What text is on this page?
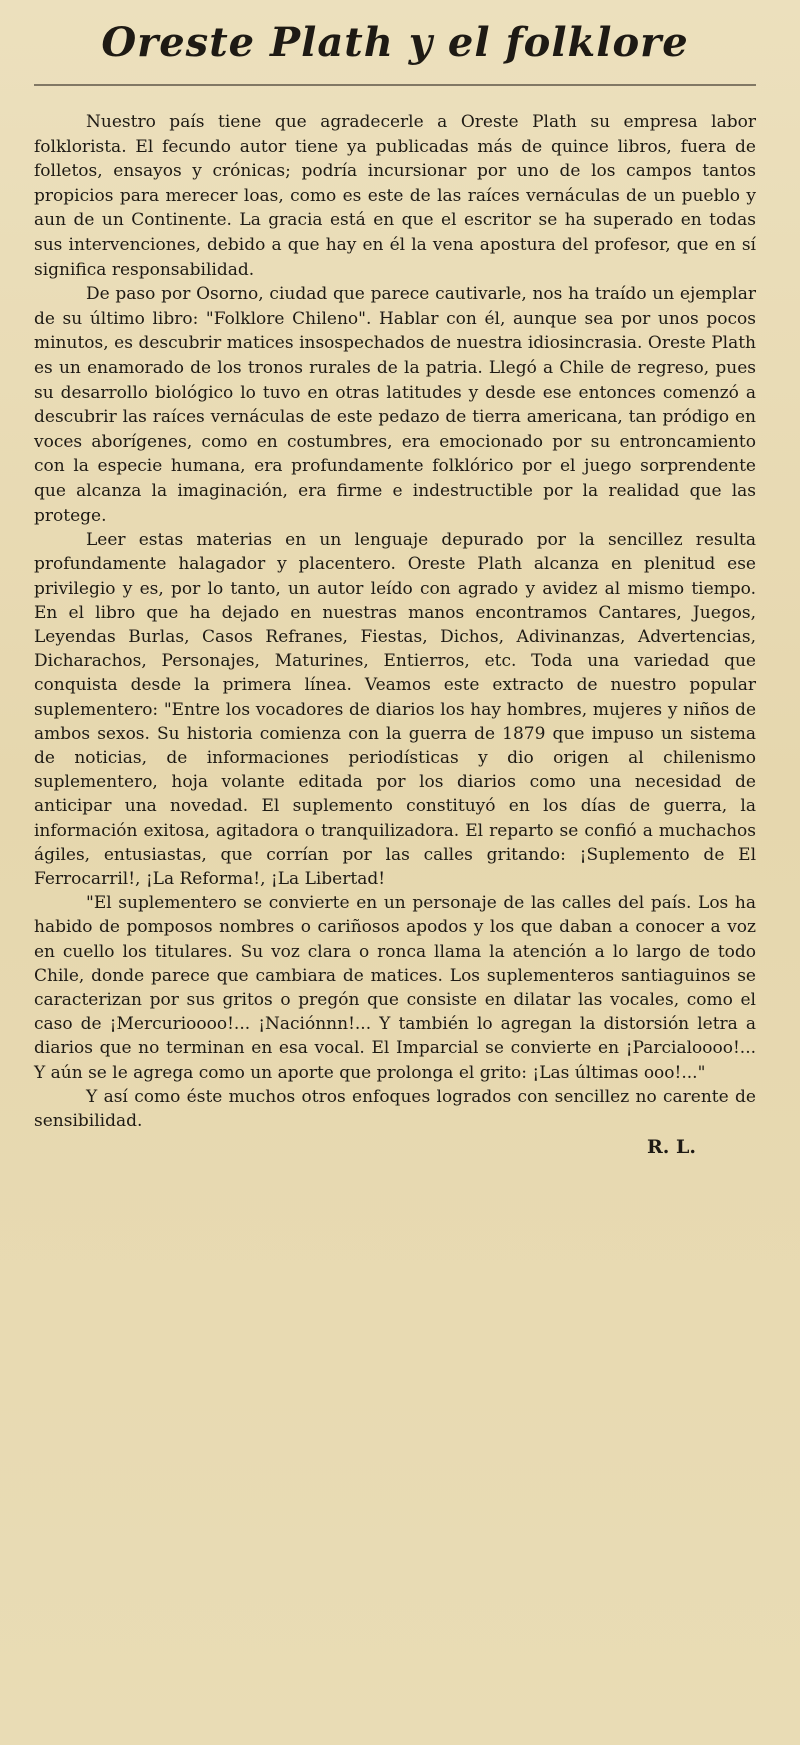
Oreste Plath y el folklore

Nuestro país tiene que agradecerle a Oreste Plath su empresa labor folklorista. El fecundo autor tiene ya publicadas más de quince libros, fuera de folletos, ensayos y crónicas; podría incursionar por uno de los campos tantos propicios para merecer loas, como es este de las raíces vernáculas de un pueblo y aun de un Continente. La gracia está en que el escritor se ha superado en todas sus intervenciones, debido a que hay en él la vena apostura del profesor, que en sí significa responsabilidad.

De paso por Osorno, ciudad que parece cautivarle, nos ha traído un ejemplar de su último libro: "Folklore Chileno". Hablar con él, aunque sea por unos pocos minutos, es descubrir matices insospechados de nuestra idiosincrasia. Oreste Plath es un enamorado de los tronos rurales de la patria. Llegó a Chile de regreso, pues su desarrollo biológico lo tuvo en otras latitudes y desde ese entonces comenzó a descubrir las raíces vernáculas de este pedazo de tierra americana, tan pródigo en voces aborígenes, como en costumbres, era emocionado por su entroncamiento con la especie humana, era profundamente folklórico por el juego sorprendente que alcanza la imaginación, era firme e indestructible por la realidad que las protege.

Leer estas materias en un lenguaje depurado por la sencillez resulta profundamente halagador y placentero. Oreste Plath alcanza en plenitud ese privilegio y es, por lo tanto, un autor leído con agrado y avidez al mismo tiempo. En el libro que ha dejado en nuestras manos encontramos Cantares, Juegos, Leyendas Burlas, Casos Refranes, Fiestas, Dichos, Adivinanzas, Advertencias, Dicharachos, Personajes, Maturines, Entierros, etc. Toda una variedad que conquista desde la primera línea. Veamos este extracto de nuestro popular suplementero: "Entre los vocadores de diarios los hay hombres, mujeres y niños de ambos sexos. Su historia comienza con la guerra de 1879 que impuso un sistema de noticias, de informaciones periodísticas y dio origen al chilenismo suplementero, hoja volante editada por los diarios como una necesidad de anticipar una novedad. El suplemento constituyó en los días de guerra, la información exitosa, agitadora o tranquilizadora. El reparto se confió a muchachos ágiles, entusiastas, que corrían por las calles gritando: ¡Suplemento de El Ferrocarril!, ¡La Reforma!, ¡La Libertad!

"El suplementero se convierte en un personaje de las calles del país. Los ha habido de pomposos nombres o cariñosos apodos y los que daban a conocer a voz en cuello los titulares. Su voz clara o ronca llama la atención a lo largo de todo Chile, donde parece que cambiara de matices. Los suplementeros santiaguinos se caracterizan por sus gritos o pregón que consiste en dilatar las vocales, como el caso de ¡Mercurioooo!... ¡Naciónnn!... Y también lo agregan la distorsión letra a diarios que no terminan en esa vocal. El Imparcial se convierte en ¡Parcialoooo!... Y aún se le agrega como un aporte que prolonga el grito: ¡Las últimas ooo!..."

Y así como éste muchos otros enfoques logrados con sencillez no carente de sensibilidad.

R. L.
